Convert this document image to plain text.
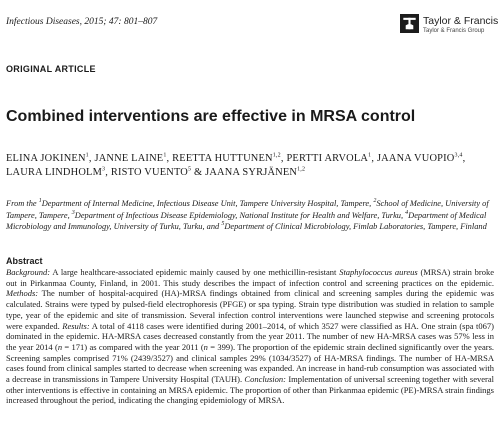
Infectious Diseases, 2015; 47: 801–807	Taylor & Francis
Taylor & Francis Group
ORIGINAL ARTICLE
Combined interventions are effective in MRSA control
ELINA JOKINEN$^1$, JANNE LAINE$^1$, REETTA HUTTUNEN$^{1,2}$, PERTTI ARVOLA$^1$, JAANA VUOPIO$^{3,4}$, LAURA LINDHOLM$^3$, RISTO VUENTO$^5$ & JAANA SYRJÄNEN$^{1,2}$
From the $^1$Department of Internal Medicine, Infectious Disease Unit, Tampere University Hospital, Tampere, $^2$School of Medicine, University of Tampere, Tampere, $^3$Department of Infectious Disease Epidemiology, National Institute for Health and Welfare, Turku, $^4$Department of Medical Microbiology and Immunology, University of Turku, Turku, and $^5$Department of Clinical Microbiology, Fimlab Laboratories, Tampere, Finland
Abstract

Background: A large healthcare-associated epidemic mainly caused by one methicillin-resistant Staphylococcus aureus (MRSA) strain broke out in Pirkanmaa County, Finland, in 2001. This study describes the impact of infection control and screening practices on the epidemic. Methods: The number of hospital-acquired (HA)-MRSA findings obtained from clinical and screening samples during the epidemic was calculated. Strains were typed by pulsed-field electrophoresis (PFGE) or spa typing. Strain type distribution was studied in relation to sample type, year of the epidemic and site of transmission. Several infection control interventions were launched stepwise and screening protocols were expanded. Results: A total of 4118 cases were identified during 2001–2014, of which 3527 were classified as HA. One strain (spa t067) dominated in the epidemic. HA-MRSA cases decreased constantly from the year 2011. The number of new HA-MRSA cases was 57% less in the year 2014 (n = 171) as compared with the year 2011 (n = 399). The proportion of the epidemic strain declined significantly over the years. Screening samples comprised 71% (2439/3527) and clinical samples 29% (1034/3527) of HA-MRSA findings. The number of HA-MRSA cases found from clinical samples started to decrease when screening was expanded. An increase in hand-rub consumption was associated with a decrease in transmissions in Tampere University Hospital (TAUH). Conclusion: Implementation of universal screening together with several other interventions is effective in containing an MRSA epidemic. The proportion of other than Pirkanmaa epidemic (PE)-MRSA strain findings increased throughout the period, indicating the changing epidemiology of MRSA.
